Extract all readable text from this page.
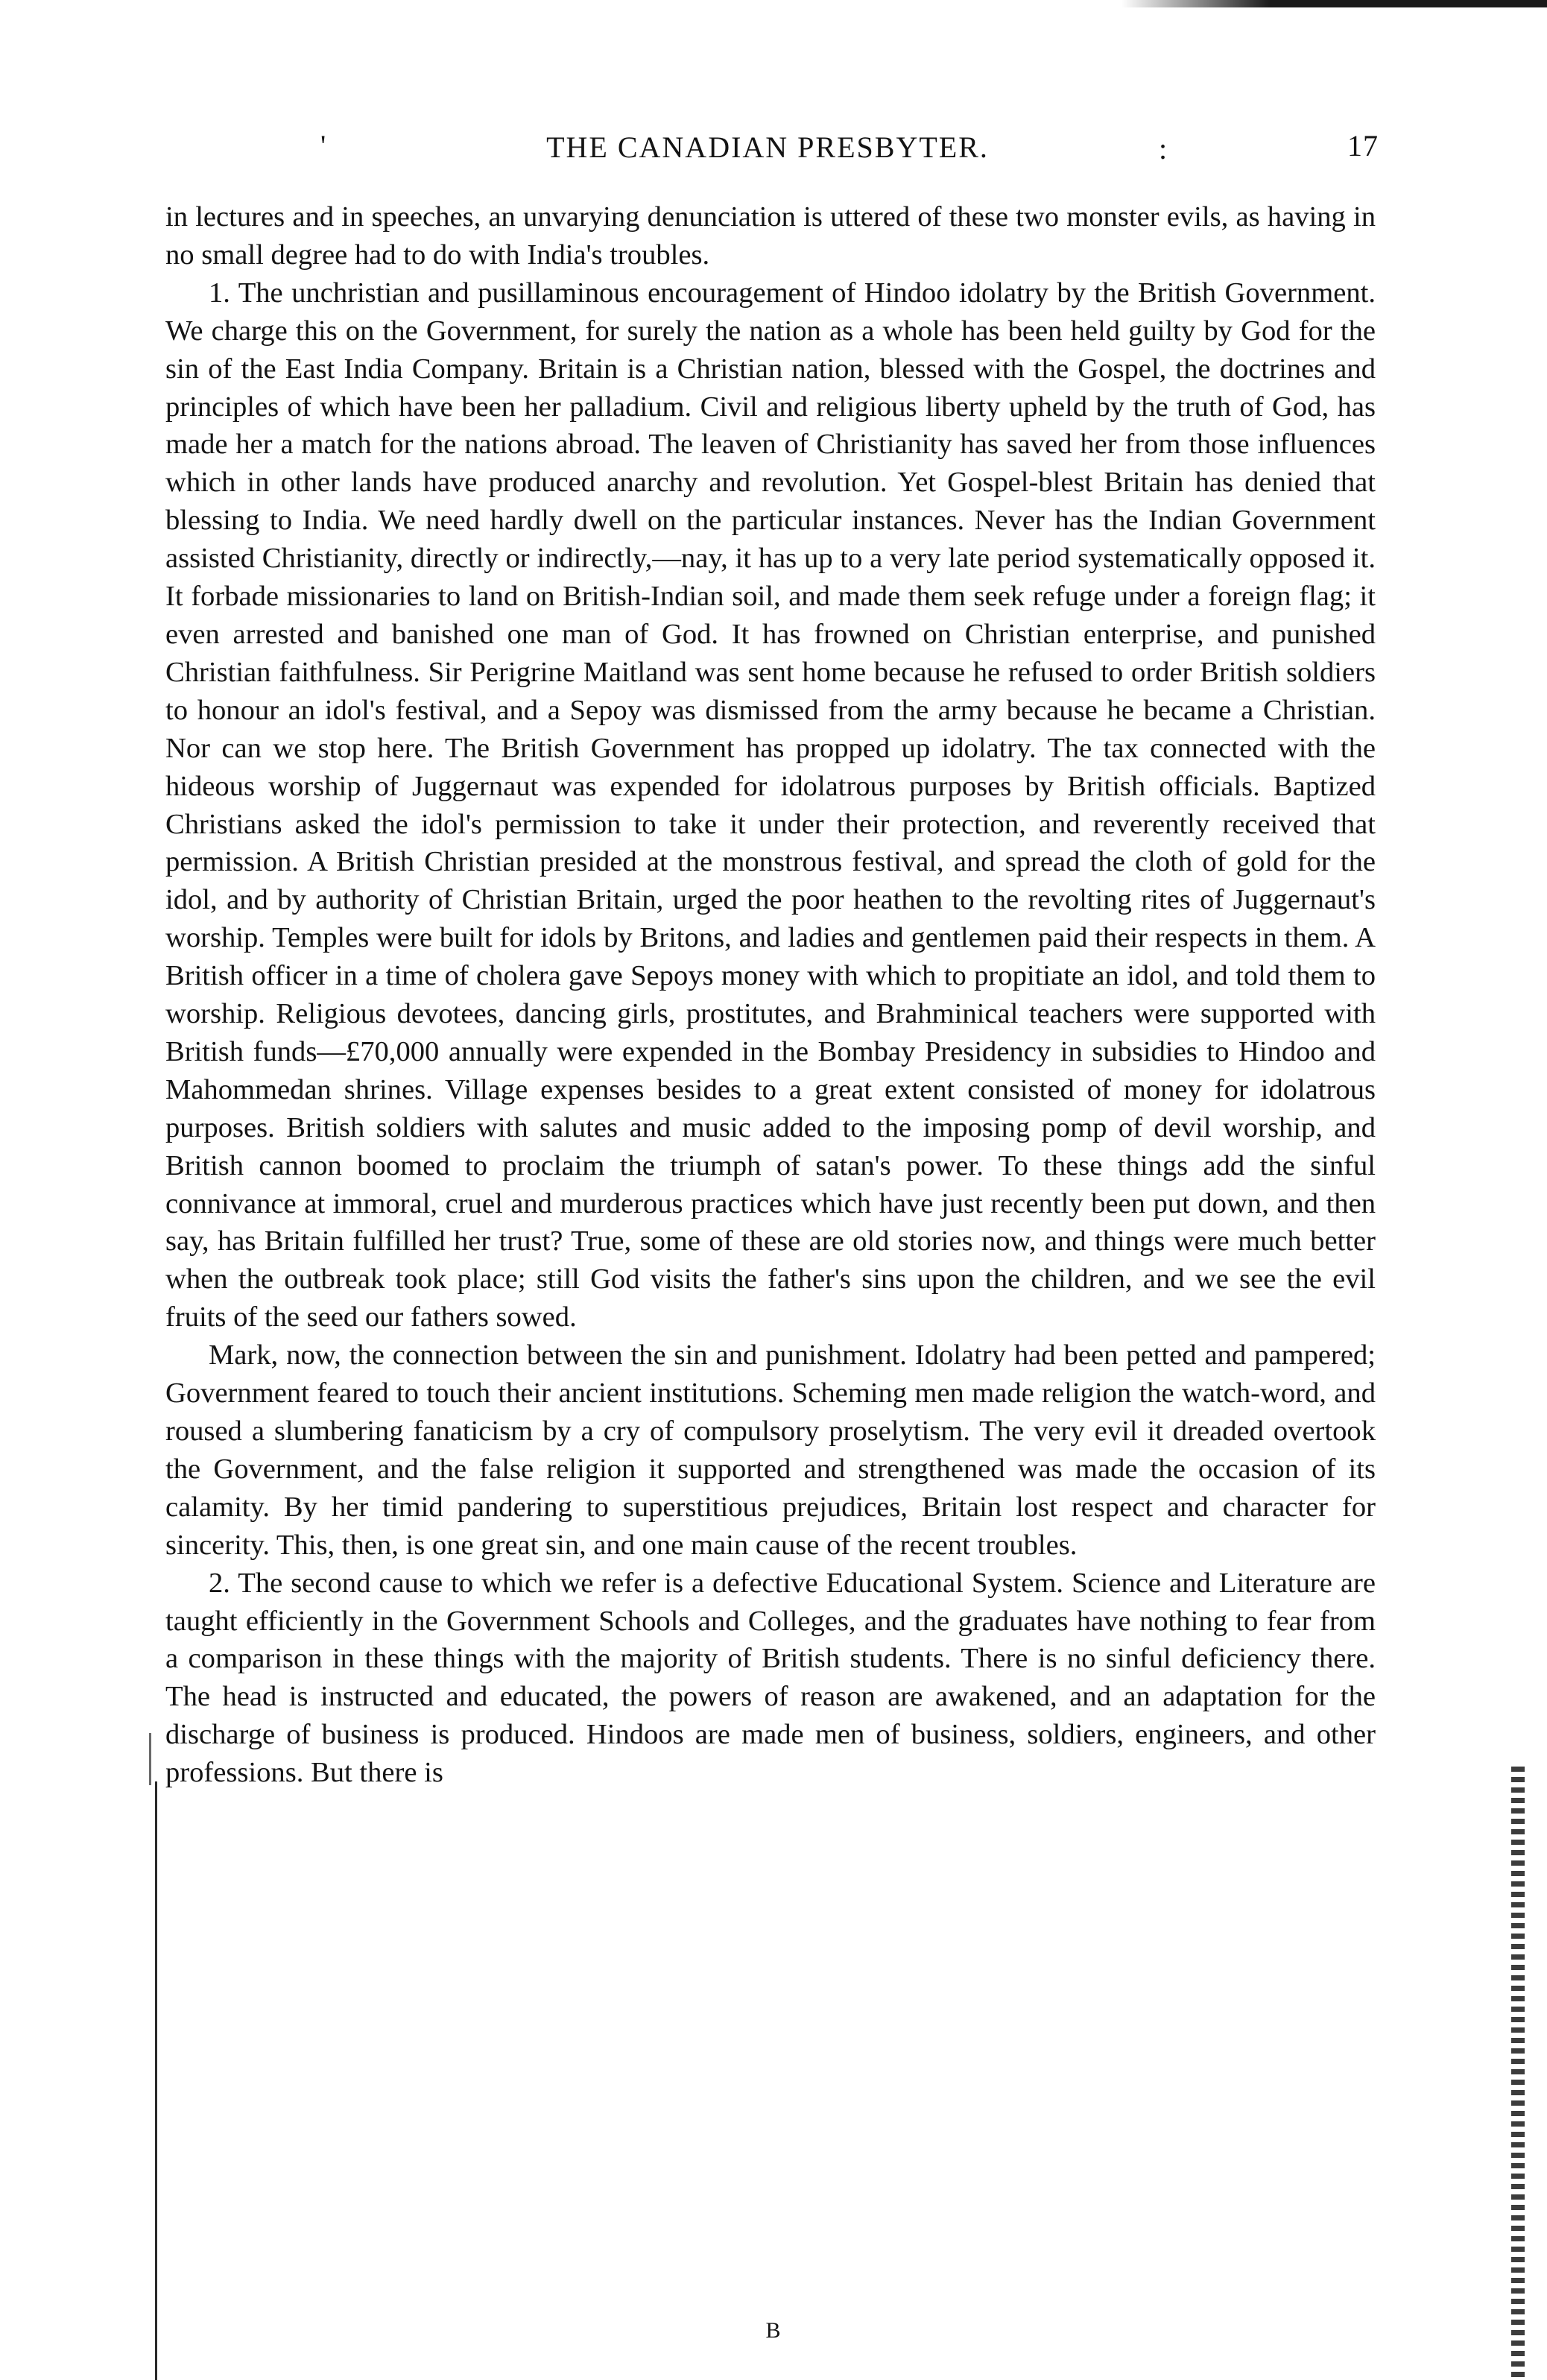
'	THE CANADIAN PRESBYTER.	:	17

in lectures and in speeches, an unvarying denunciation is uttered of these two monster evils, as having in no small degree had to do with India's troubles.

1. The unchristian and pusillaminous encouragement of Hindoo idolatry by the British Government. We charge this on the Government, for surely the nation as a whole has been held guilty by God for the sin of the East India Company. Britain is a Christian nation, blessed with the Gospel, the doctrines and principles of which have been her palladium. Civil and religious liberty upheld by the truth of God, has made her a match for the nations abroad. The leaven of Christianity has saved her from those influences which in other lands have produced anarchy and revolution. Yet Gospel-blest Britain has denied that blessing to India. We need hardly dwell on the particular instances. Never has the Indian Government assisted Christianity, directly or indirectly,—nay, it has up to a very late period systematically opposed it. It forbade missionaries to land on British-Indian soil, and made them seek refuge under a foreign flag; it even arrested and banished one man of God. It has frowned on Christian enterprise, and punished Christian faithfulness. Sir Perigrine Maitland was sent home because he refused to order British soldiers to honour an idol's festival, and a Sepoy was dismissed from the army because he became a Christian. Nor can we stop here. The British Government has propped up idolatry. The tax connected with the hideous worship of Juggernaut was expended for idolatrous purposes by British officials. Baptized Christians asked the idol's permission to take it under their protection, and reverently received that permission. A British Christian presided at the monstrous festival, and spread the cloth of gold for the idol, and by authority of Christian Britain, urged the poor heathen to the revolting rites of Juggernaut's worship. Temples were built for idols by Britons, and ladies and gentlemen paid their respects in them. A British officer in a time of cholera gave Sepoys money with which to propitiate an idol, and told them to worship. Religious devotees, dancing girls, prostitutes, and Brahminical teachers were supported with British funds—£70,000 annually were expended in the Bombay Presidency in subsidies to Hindoo and Mahommedan shrines. Village expenses besides to a great extent consisted of money for idolatrous purposes. British soldiers with salutes and music added to the imposing pomp of devil worship, and British cannon boomed to proclaim the triumph of satan's power. To these things add the sinful connivance at immoral, cruel and murderous practices which have just recently been put down, and then say, has Britain fulfilled her trust? True, some of these are old stories now, and things were much better when the outbreak took place; still God visits the father's sins upon the children, and we see the evil fruits of the seed our fathers sowed.

Mark, now, the connection between the sin and punishment. Idolatry had been petted and pampered; Government feared to touch their ancient institutions. Scheming men made religion the watch-word, and roused a slumbering fanaticism by a cry of compulsory proselytism. The very evil it dreaded overtook the Government, and the false religion it supported and strengthened was made the occasion of its calamity. By her timid pandering to superstitious prejudices, Britain lost respect and character for sincerity. This, then, is one great sin, and one main cause of the recent troubles.

2. The second cause to which we refer is a defective Educational System. Science and Literature are taught efficiently in the Government Schools and Colleges, and the graduates have nothing to fear from a comparison in these things with the majority of British students. There is no sinful deficiency there. The head is instructed and educated, the powers of reason are awakened, and an adaptation for the discharge of business is produced. Hindoos are made men of business, soldiers, engineers, and other professions. But there is

B
